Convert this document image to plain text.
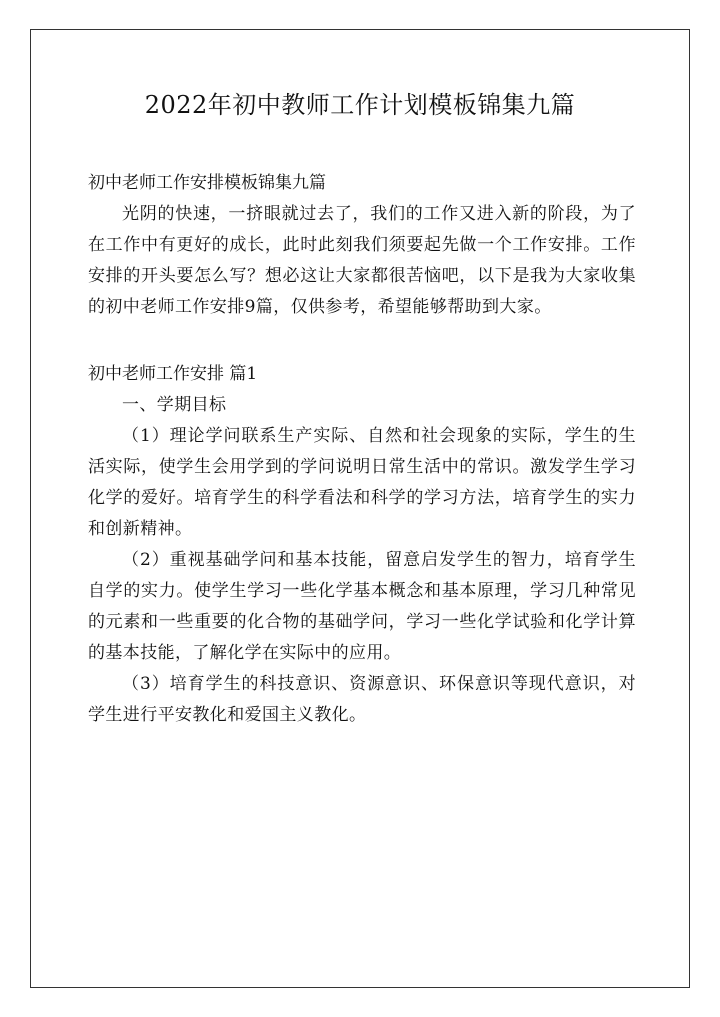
2022年初中教师工作计划模板锦集九篇

初中老师工作安排模板锦集九篇

光阴的快速，一挤眼就过去了，我们的工作又进入新的阶段，为了在工作中有更好的成长，此时此刻我们须要起先做一个工作安排。工作安排的开头要怎么写？想必这让大家都很苦恼吧，以下是我为大家收集的初中老师工作安排9篇，仅供参考，希望能够帮助到大家。

初中老师工作安排 篇1

一、学期目标

（1）理论学问联系生产实际、自然和社会现象的实际，学生的生活实际，使学生会用学到的学问说明日常生活中的常识。激发学生学习化学的爱好。培育学生的科学看法和科学的学习方法，培育学生的实力和创新精神。

（2）重视基础学问和基本技能，留意启发学生的智力，培育学生自学的实力。使学生学习一些化学基本概念和基本原理，学习几种常见的元素和一些重要的化合物的基础学问，学习一些化学试验和化学计算的基本技能，了解化学在实际中的应用。

（3）培育学生的科技意识、资源意识、环保意识等现代意识，对学生进行平安教化和爱国主义教化。
